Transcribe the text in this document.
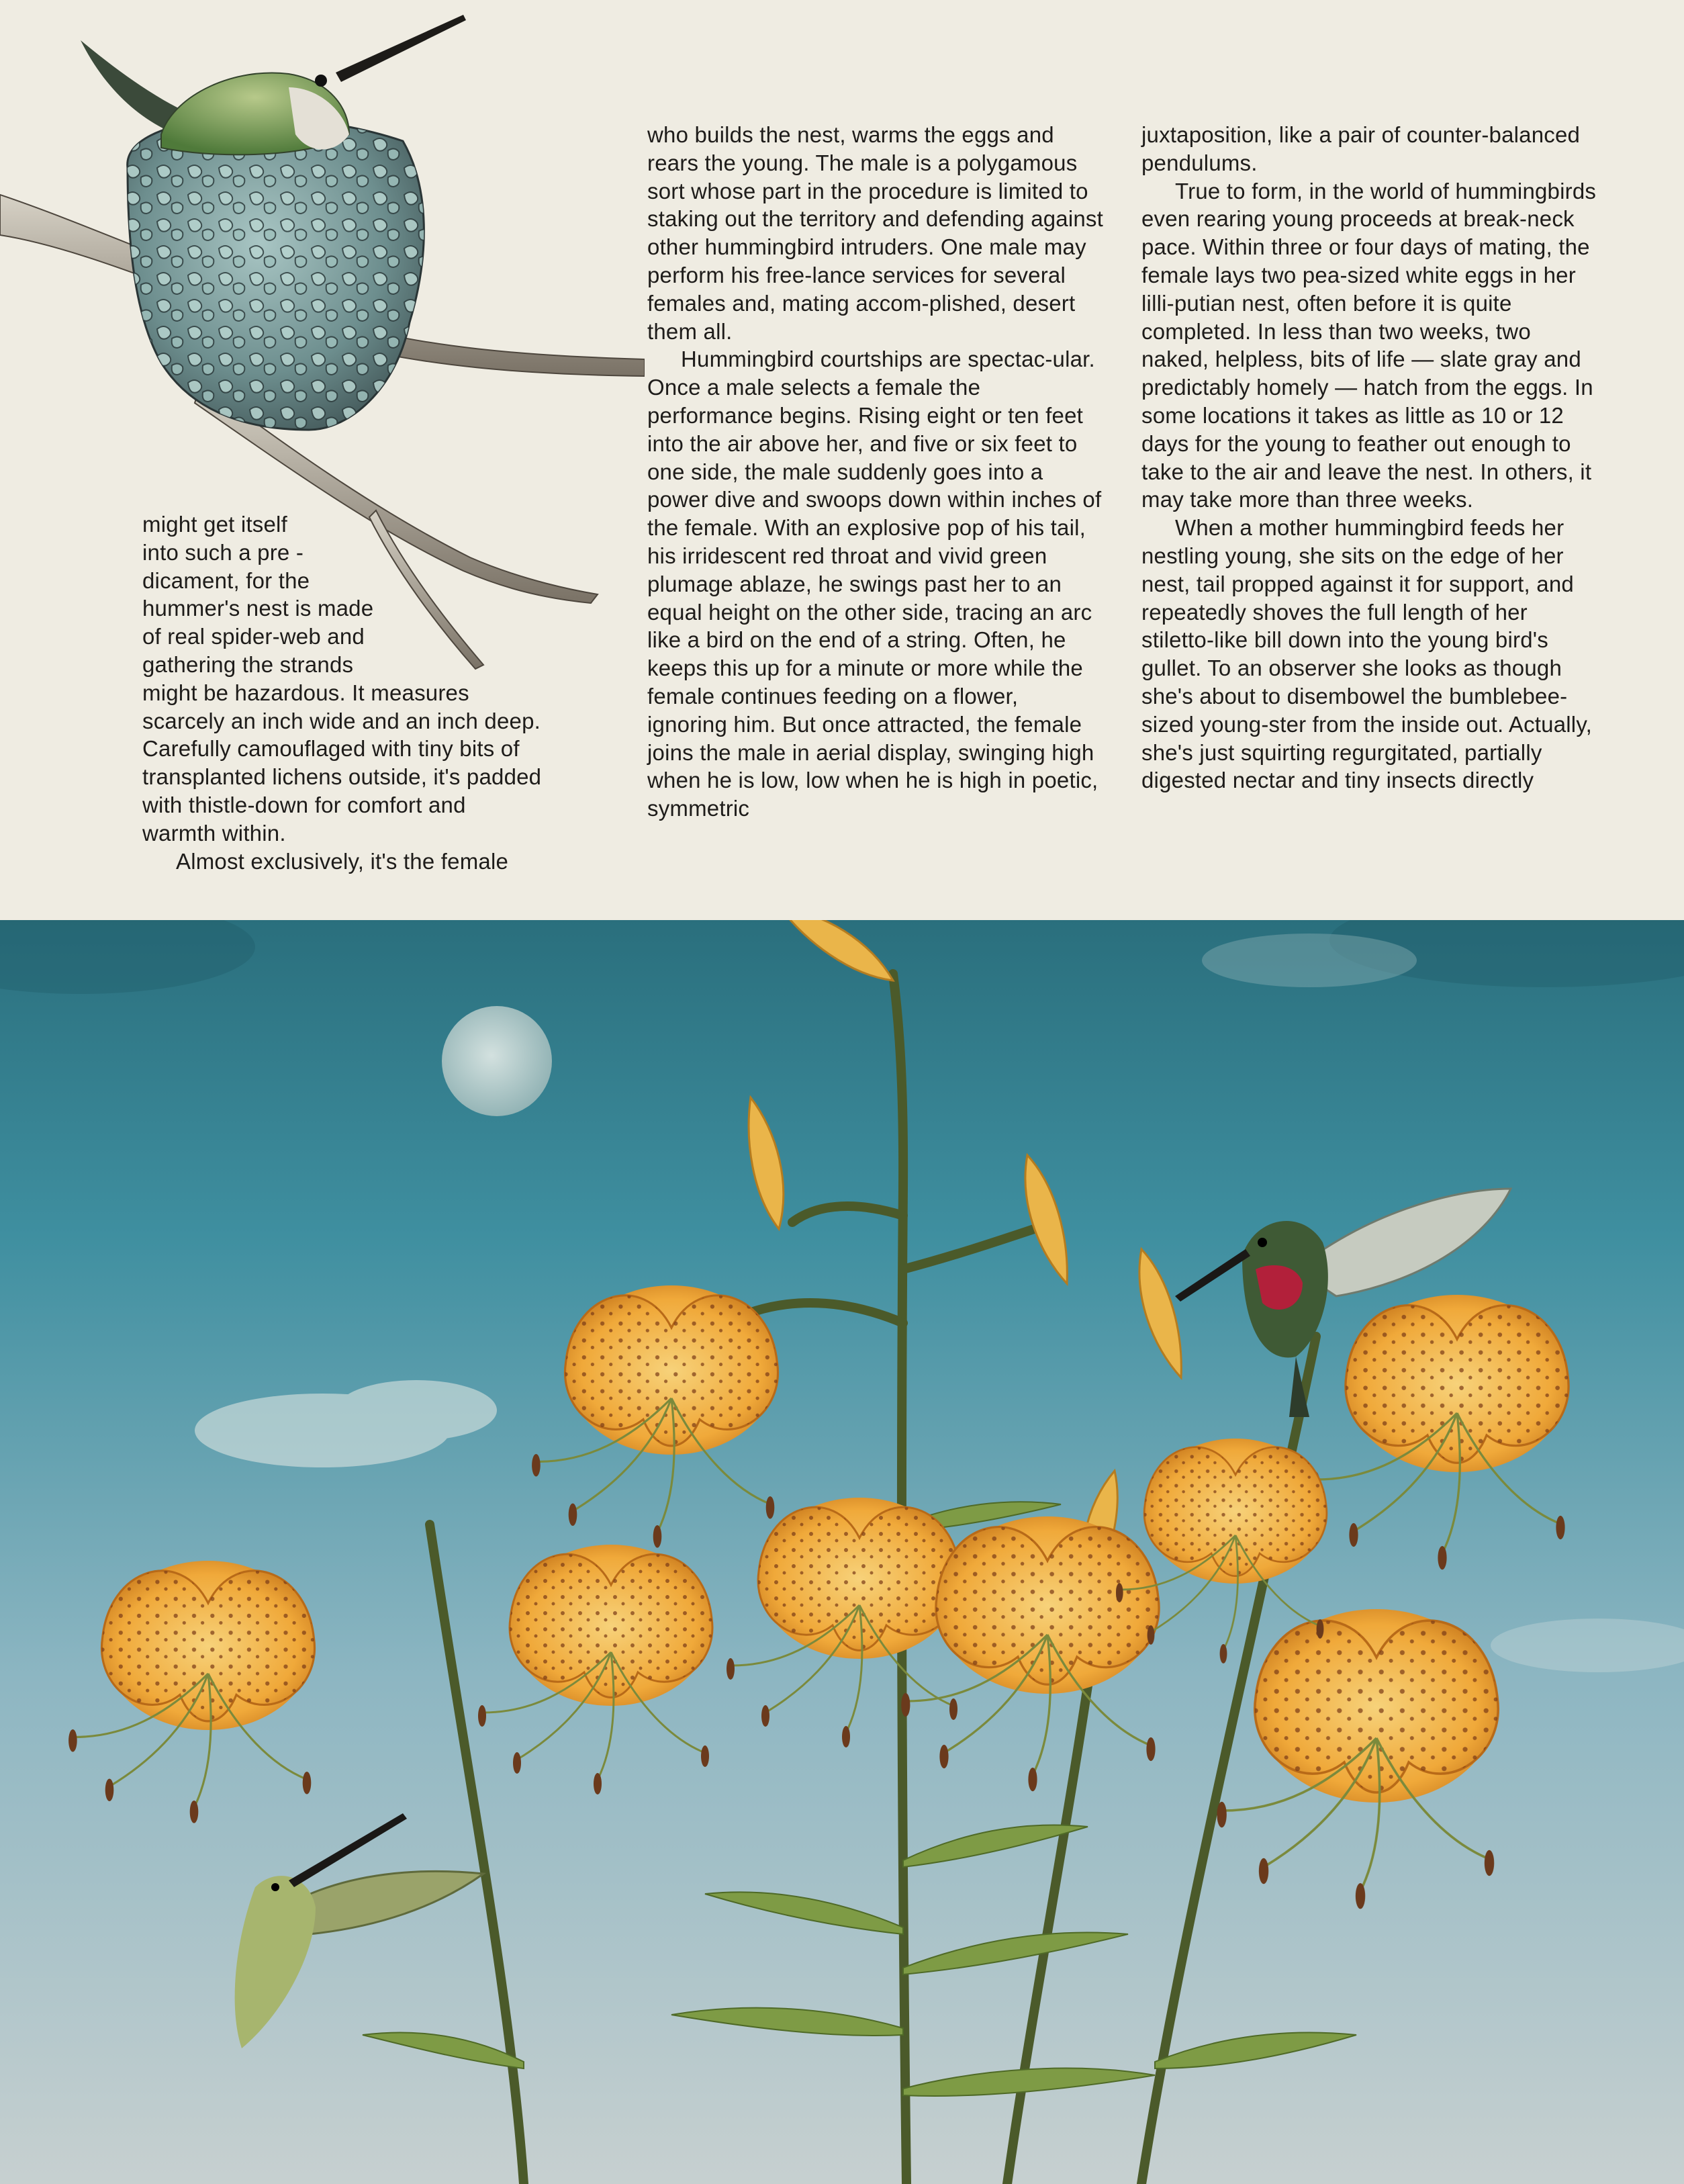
might get itself
into such a pre -
dicament, for the
hummer's nest is made
of real spider-web and
gathering the strands
might be hazardous. It measures
scarcely an inch wide and an inch deep.
Carefully camouflaged with tiny bits of
transplanted lichens outside, it's padded
with thistle-down for comfort and
warmth within.

Almost exclusively, it's the female

who builds the nest, warms the eggs and rears the young. The male is a polygamous sort whose part in the procedure is limited to staking out the territory and defending against other hummingbird intruders. One male may perform his free-lance services for several females and, mating accom-plished, desert them all.

Hummingbird courtships are spectac-ular. Once a male selects a female the performance begins. Rising eight or ten feet into the air above her, and five or six feet to one side, the male suddenly goes into a power dive and swoops down within inches of the female. With an explosive pop of his tail, his irridescent red throat and vivid green plumage ablaze, he swings past her to an equal height on the other side, tracing an arc like a bird on the end of a string. Often, he keeps this up for a minute or more while the female continues feeding on a flower, ignoring him. But once attracted, the female joins the male in aerial display, swinging high when he is low, low when he is high in poetic, symmetric

juxtaposition, like a pair of counter-balanced pendulums.

True to form, in the world of hummingbirds even rearing young proceeds at break-neck pace. Within three or four days of mating, the female lays two pea-sized white eggs in her lilli-putian nest, often before it is quite completed. In less than two weeks, two naked, helpless, bits of life — slate gray and predictably homely — hatch from the eggs. In some locations it takes as little as 10 or 12 days for the young to feather out enough to take to the air and leave the nest. In others, it may take more than three weeks.

When a mother hummingbird feeds her nestling young, she sits on the edge of her nest, tail propped against it for support, and repeatedly shoves the full length of her stiletto-like bill down into the young bird's gullet. To an observer she looks as though she's about to disembowel the bumblebee-sized young-ster from the inside out. Actually, she's just squirting regurgitated, partially digested nectar and tiny insects directly
